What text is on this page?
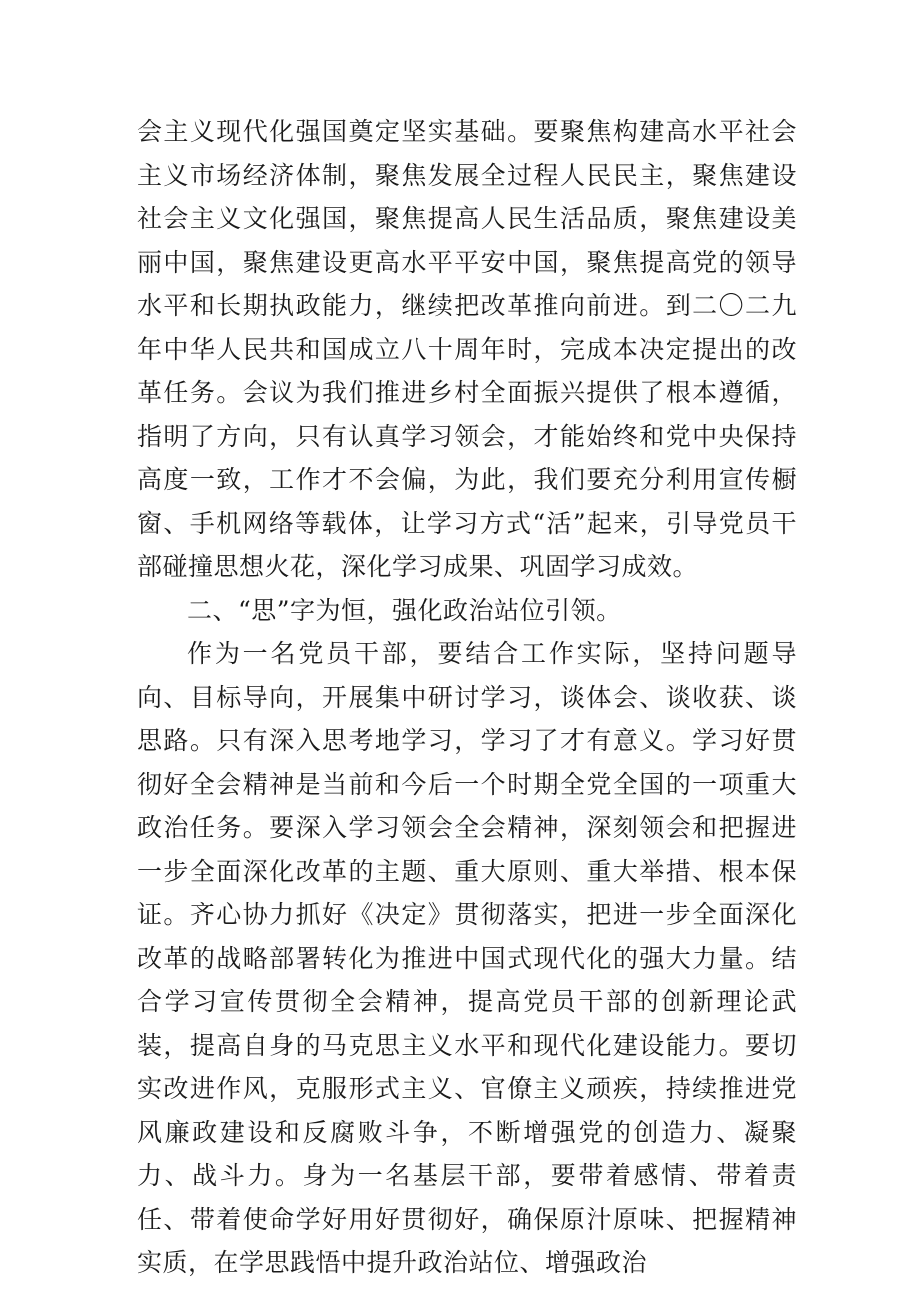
会主义现代化强国奠定坚实基础。要聚焦构建高水平社会主义市场经济体制，聚焦发展全过程人民民主，聚焦建设社会主义文化强国，聚焦提高人民生活品质，聚焦建设美丽中国，聚焦建设更高水平平安中国，聚焦提高党的领导水平和长期执政能力，继续把改革推向前进。到二〇二九年中华人民共和国成立八十周年时，完成本决定提出的改革任务。会议为我们推进乡村全面振兴提供了根本遵循，指明了方向，只有认真学习领会，才能始终和党中央保持高度一致，工作才不会偏，为此，我们要充分利用宣传橱窗、手机网络等载体，让学习方式“活”起来，引导党员干部碰撞思想火花，深化学习成果、巩固学习成效。

二、“思”字为恒，强化政治站位引领。

作为一名党员干部，要结合工作实际，坚持问题导向、目标导向，开展集中研讨学习，谈体会、谈收获、谈思路。只有深入思考地学习，学习了才有意义。学习好贯彻好全会精神是当前和今后一个时期全党全国的一项重大政治任务。要深入学习领会全会精神，深刻领会和把握进一步全面深化改革的主题、重大原则、重大举措、根本保证。齐心协力抓好《决定》贯彻落实，把进一步全面深化改革的战略部署转化为推进中国式现代化的强大力量。结合学习宣传贯彻全会精神，提高党员干部的创新理论武装，提高自身的马克思主义水平和现代化建设能力。要切实改进作风，克服形式主义、官僚主义顽疾，持续推进党风廉政建设和反腐败斗争，不断增强党的创造力、凝聚力、战斗力。身为一名基层干部，要带着感情、带着责任、带着使命学好用好贯彻好，确保原汁原味、把握精神实质，在学思践悟中提升政治站位、增强政治
